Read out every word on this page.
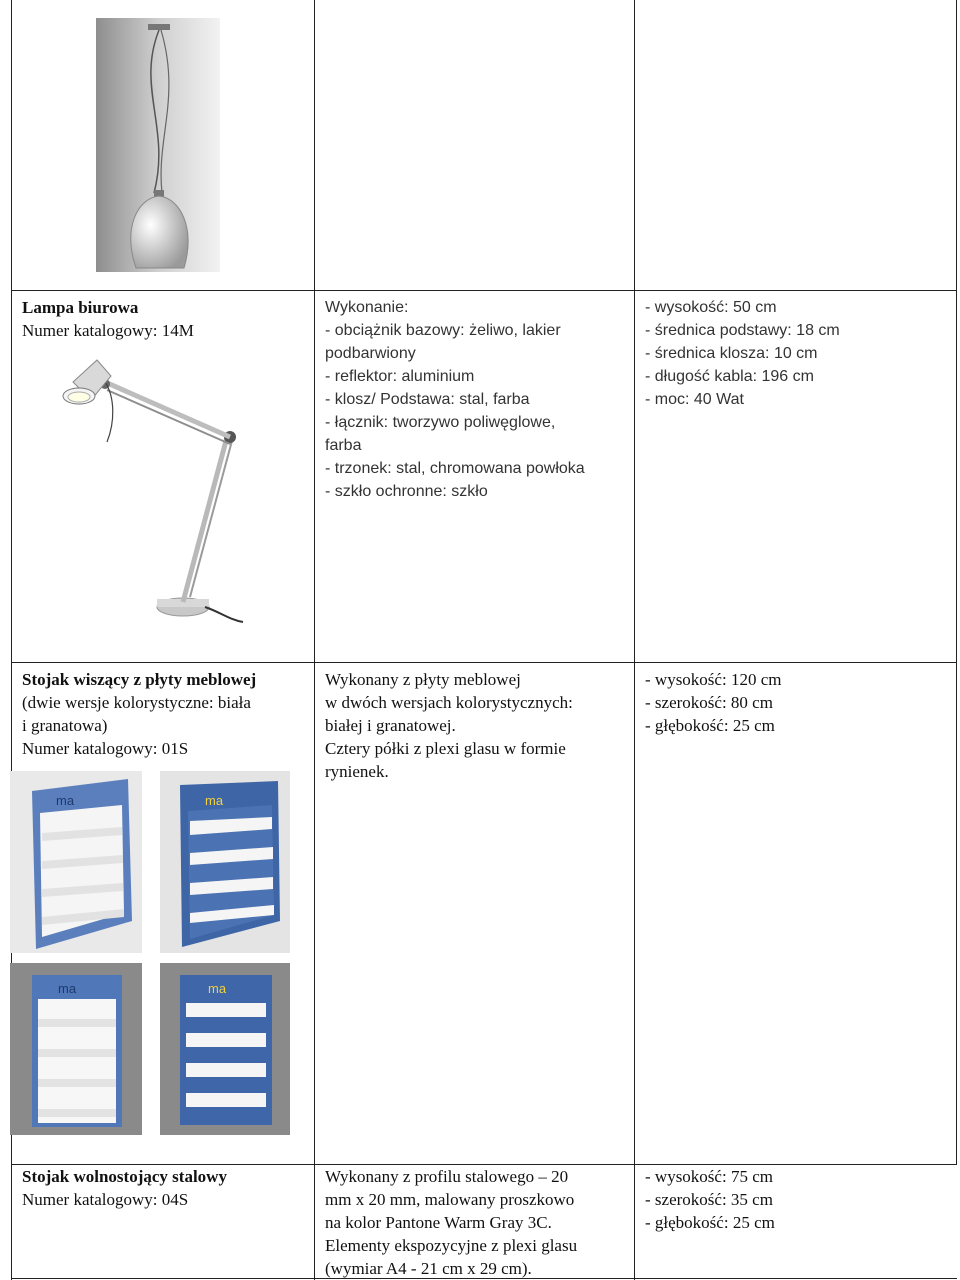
Lampa biurowa

Numer katalogowy: 14M

Wykonanie:

- obciążnik bazowy: żeliwo, lakier

podbarwiony

- reflektor: aluminium

- klosz/ Podstawa: stal, farba

- łącznik: tworzywo poliwęglowe,

farba

- trzonek: stal, chromowana powłoka

- szkło ochronne: szkło

- wysokość: 50 cm

- średnica podstawy: 18 cm

- średnica klosza: 10 cm

- długość kabla: 196 cm

- moc: 40 Wat

Stojak wiszący z płyty meblowej

(dwie wersje kolorystyczne: biała

i granatowa)

Numer katalogowy: 01S

ma	ma
ma	ma

Wykonany z płyty meblowej

w dwóch wersjach kolorystycznych:

białej i granatowej.

Cztery półki z plexi glasu w formie

rynienek.

- wysokość: 120 cm

- szerokość: 80 cm

- głębokość: 25 cm

Stojak wolnostojący stalowy

Numer katalogowy: 04S

Wykonany z profilu stalowego – 20

mm x 20 mm, malowany proszkowo

na kolor Pantone Warm Gray 3C.

Elementy ekspozycyjne z plexi glasu

(wymiar A4 - 21 cm x 29 cm).

- wysokość: 75 cm

- szerokość: 35 cm

- głębokość: 25 cm
